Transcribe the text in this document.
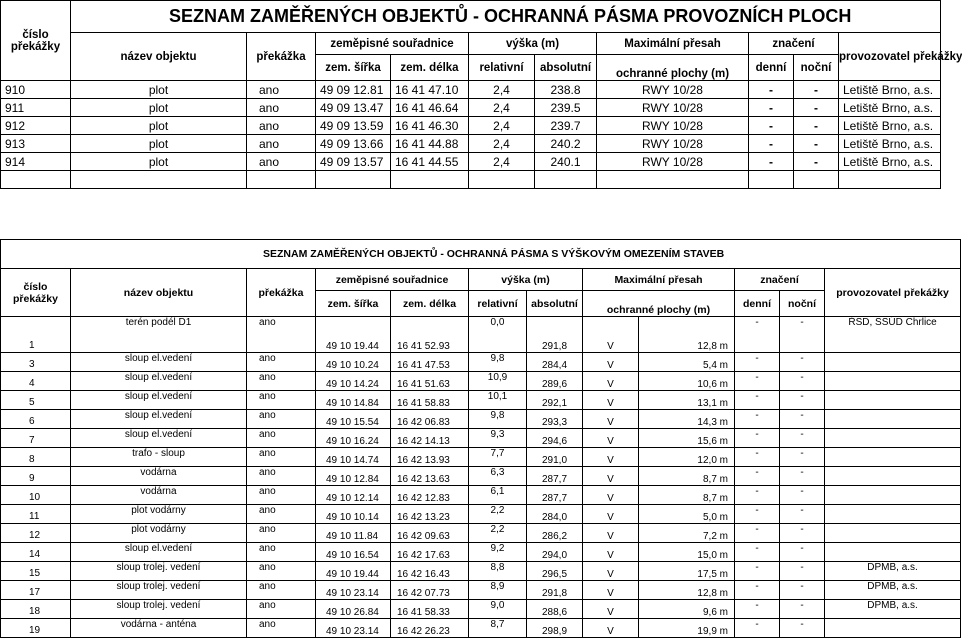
číslo
překážky	SEZNAM ZAMĚŘENÝCH OBJEKTŮ - OCHRANNÁ PÁSMA PROVOZNÍCH PLOCH									
	název objektu	překážka	zeměpisné souřadnice		výška (m)		Maximální přesah	značení		provozovatel překážky
			zem. šířka	zem. délka	relativní	absolutní	ochranné plochy (m)	denní	noční	
910	plot	ano	49 09 12.81	16 41 47.10	2,4	238.8	RWY 10/28	-	-	Letiště Brno, a.s.
911	plot	ano	49 09 13.47	16 41 46.64	2,4	239.5	RWY 10/28	-	-	Letiště Brno, a.s.
912	plot	ano	49 09 13.59	16 41 46.30	2,4	239.7	RWY 10/28	-	-	Letiště Brno, a.s.
913	plot	ano	49 09 13.66	16 41 44.88	2,4	240.2	RWY 10/28	-	-	Letiště Brno, a.s.
914	plot	ano	49 09 13.57	16 41 44.55	2,4	240.1	RWY 10/28	-	-	Letiště Brno, a.s.

SEZNAM ZAMĚŘENÝCH OBJEKTŮ - OCHRANNÁ PÁSMA S VÝŠKOVÝM OMEZENÍM STAVEB											
číslo
překážky	název objektu	překážka	zeměpisné souřadnice		výška (m)		Maximální přesah		značení		provozovatel překážky
			zem. šířka	zem. délka	relativní	absolutní	ochranné plochy (m)		denní	noční	
1	terén podél D1	ano	49 10 19.44	16 41 52.93	0,0	291,8	V	12,8 m	-	-	ŘSD, SSÚD Chrlice
3	sloup el.vedení	ano	49 10 10.24	16 41 47.53	9,8	284,4	V	5,4 m	-	-	
4	sloup el.vedení	ano	49 10 14.24	16 41 51.63	10,9	289,6	V	10,6 m	-	-	
5	sloup el.vedení	ano	49 10 14.84	16 41 58.83	10,1	292,1	V	13,1 m	-	-	
6	sloup el.vedení	ano	49 10 15.54	16 42 06.83	9,8	293,3	V	14,3 m	-	-	
7	sloup el.vedení	ano	49 10 16.24	16 42 14.13	9,3	294,6	V	15,6 m	-	-	
8	trafo - sloup	ano	49 10 14.74	16 42 13.93	7,7	291,0	V	12,0 m	-	-	
9	vodárna	ano	49 10 12.84	16 42 13.63	6,3	287,7	V	8,7 m	-	-	
10	vodárna	ano	49 10 12.14	16 42 12.83	6,1	287,7	V	8,7 m	-	-	
11	plot vodárny	ano	49 10 10.14	16 42 13.23	2,2	284,0	V	5,0 m	-	-	
12	plot vodárny	ano	49 10 11.84	16 42 09.63	2,2	286,2	V	7,2 m	-	-	
14	sloup el.vedení	ano	49 10 16.54	16 42 17.63	9,2	294,0	V	15,0 m	-	-	
15	sloup trolej. vedení	ano	49 10 19.44	16 42 16.43	8,8	296,5	V	17,5 m	-	-	DPMB, a.s.
17	sloup trolej. vedení	ano	49 10 23.14	16 42 07.73	8,9	291,8	V	12,8 m	-	-	DPMB, a.s.
18	sloup trolej. vedení	ano	49 10 26.84	16 41 58.33	9,0	288,6	V	9,6 m	-	-	DPMB, a.s.
19	vodárna - anténa	ano	49 10 23.14	16 42 26.23	8,7	298,9	V	19,9 m	-	-	
